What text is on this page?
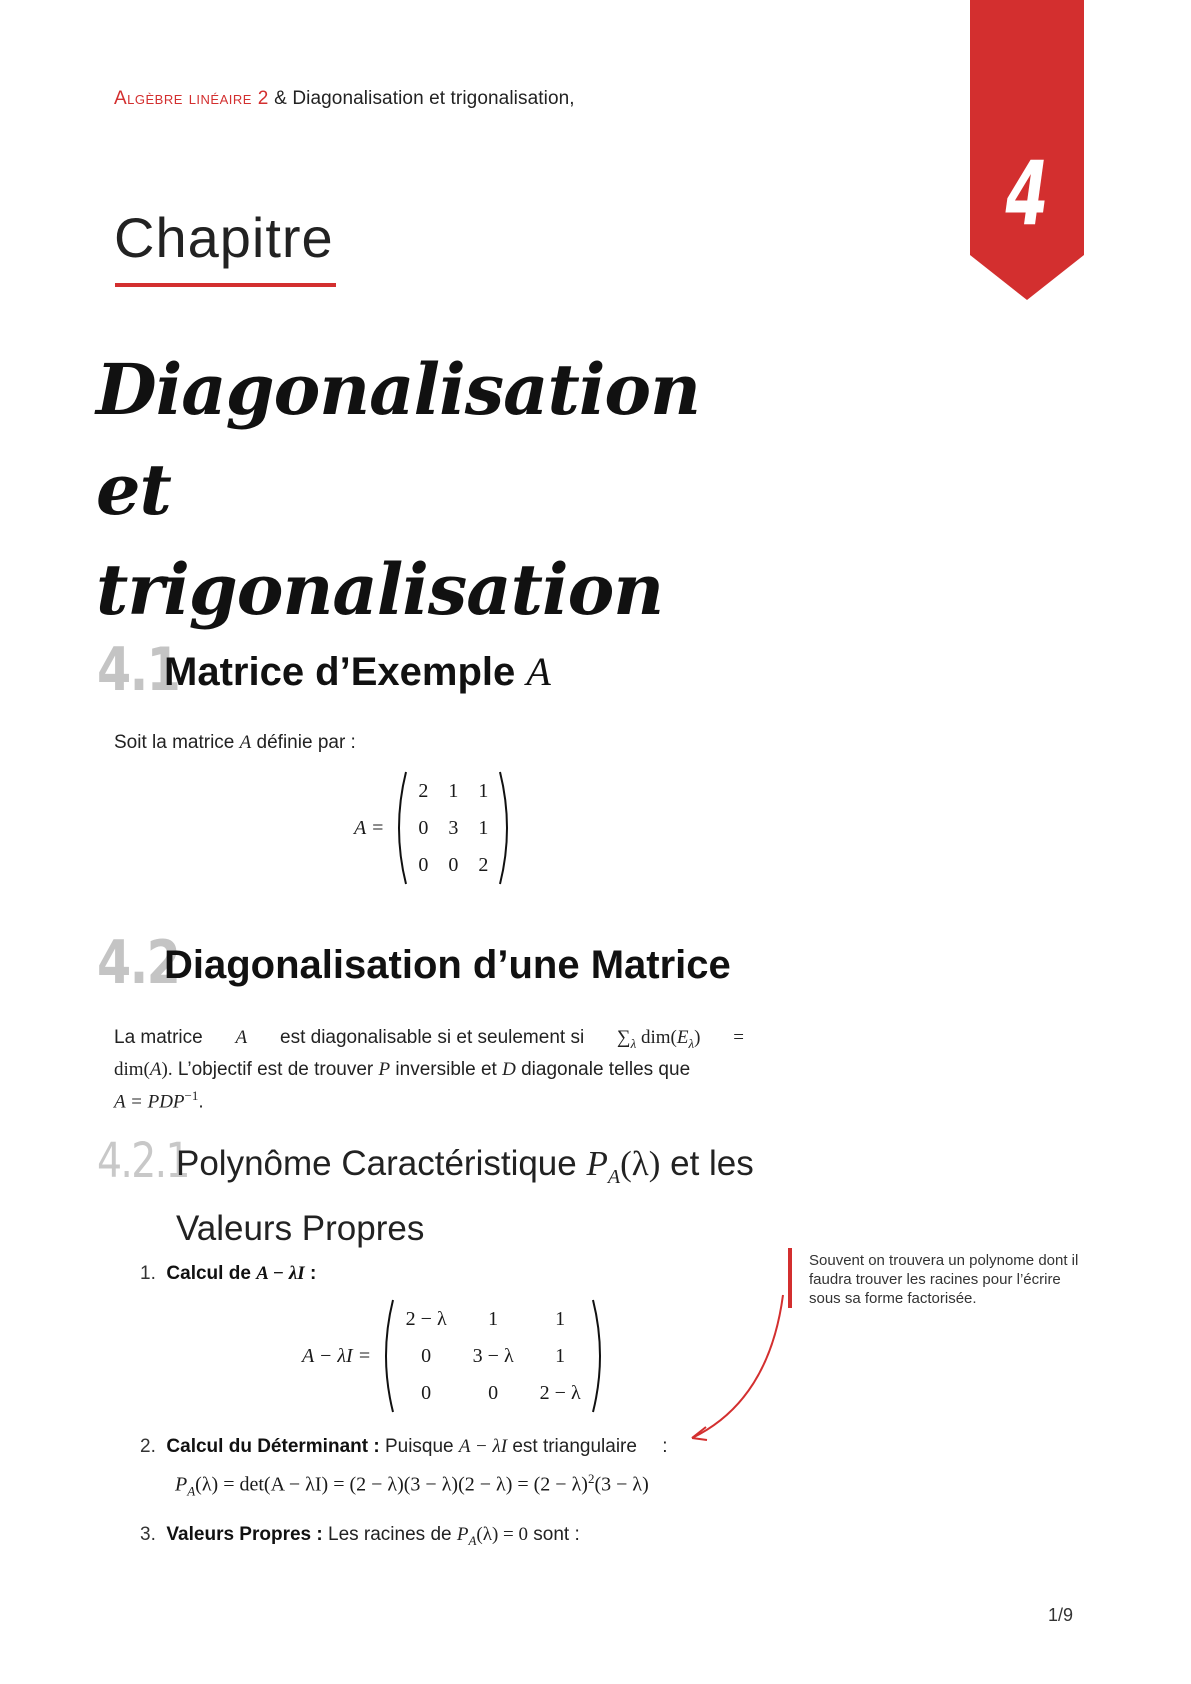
Algèbre linéaire 2 & Diagonalisation et trigonalisation,
4
Chapitre
Diagonalisation et
trigonalisation
4.1
Matrice d’Exemple A
Soit la matrice A définie par :
A =
2	1	1
0	3	1
0	0	2
4.2
Diagonalisation d’une Matrice
La matrice A est diagonalisable si et seulement si $\sum_\lambda$ $dim(E_\lambda)$ =
dim(A). L’objectif est de trouver P inversible et D diagonale telles que
$A = PDP^{-1}$.
4.2.1
Polynôme Caractéristique $P_A(\lambda)$ et les
Valeurs Propres
Souvent on trouvera un polynome dont il faudra trouver les racines pour l’écrire sous sa forme factorisée.
1. Calcul de A − λI :
A − λI =
2 − λ	1	1
0	3 − λ	1
0	0	2 − λ
2. Calcul du Déterminant : Puisque A − λI est triangulaire :
$P_A(\lambda) = \det(A - \lambda I) = (2 - \lambda)(3 - \lambda)(2 - \lambda) = (2 - \lambda)^2(3 - \lambda)$
3. Valeurs Propres : Les racines de $P_A(\lambda) = 0$ sont :
1/9
